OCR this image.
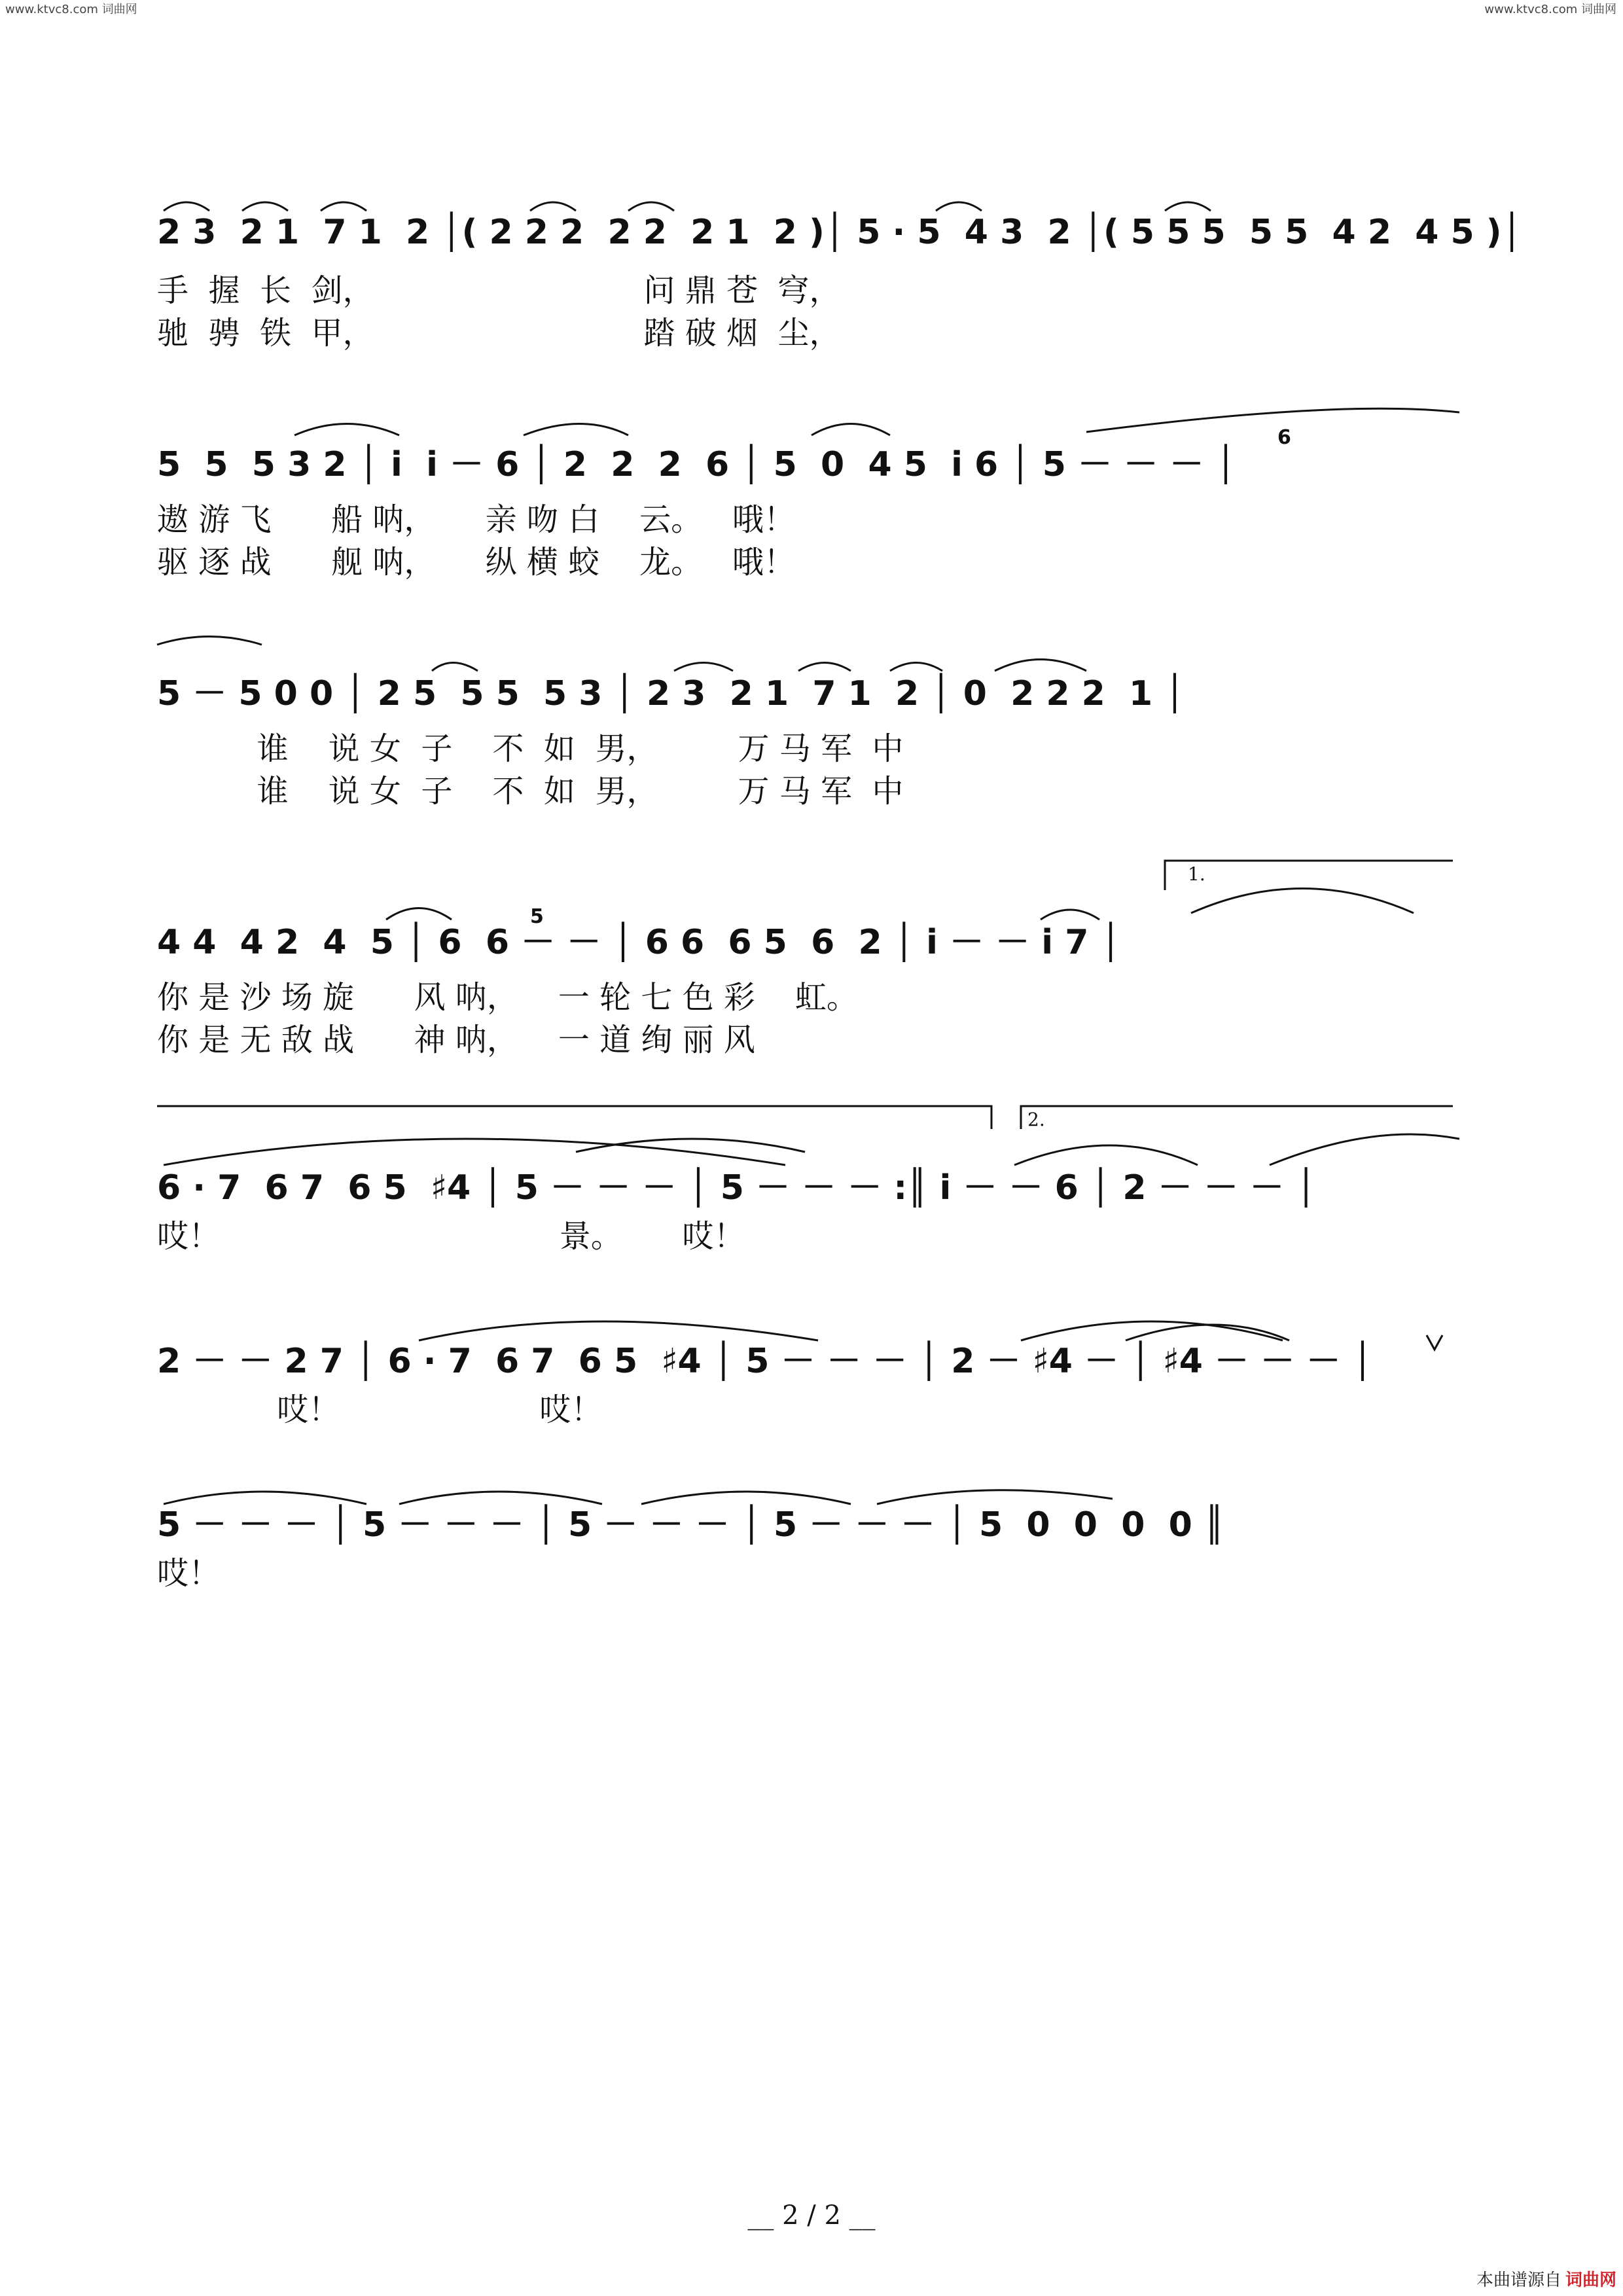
www.ktvc8.com 词曲网	www.ktvc8.com 词曲网
2 3  2 1  7 1  2 │( 2 2 2  2 2  2 1  2 )│ 5 · 5  4 3  2 │( 5 5 5  5 5  4 2  4 5 )│
手  握  长  剑，                           问 鼎 苍  穹，
驰  骋  铁  甲，                           踏 破 烟  尘，
5  5  5 3 2 │ i  i － 6 │ 2  2  2  6 │ 5  0  4 5  i 6 │ 5 － － － │
遨 游 飞      船 呐，     亲 吻 白    云。   哦！
驱 逐 战      舰 呐，     纵 横 蛟    龙。   哦！
5 － 5 0 0 │ 2 5  5 5  5 3 │ 2 3  2 1  7 1  2 │ 0  2 2 2  1 │
谁    说 女  子    不  如  男，        万 马 军  中
谁    说 女  子    不  如  男，        万 马 军  中
4 4  4 2  4  5 │ 6  6 － － │ 6 6  6 5  6  2 │ i － － i 7 │
你 是 沙 场 旋      风 呐，    一 轮 七 色 彩    虹。
你 是 无 敌 战      神 呐，    一 道 绚 丽 风
6 · 7  6 7  6 5  ♯4 │ 5 － － － │ 5 － － － :║ i － － 6 │ 2 － － － │
哎！                                  景。      哎！
2 － － 2 7 │ 6 · 7  6 7  6 5  ♯4 │ 5 － － － │ 2 － ♯4 － │ ♯4 － － － │
哎！                    哎！
5 － － － │ 5 － － － │ 5 － － － │ 5 － － － │ 5  0  0  0  0 ║
哎！
1.
2.
6
5
__ 2 / 2 __
本曲谱源自 词曲网
